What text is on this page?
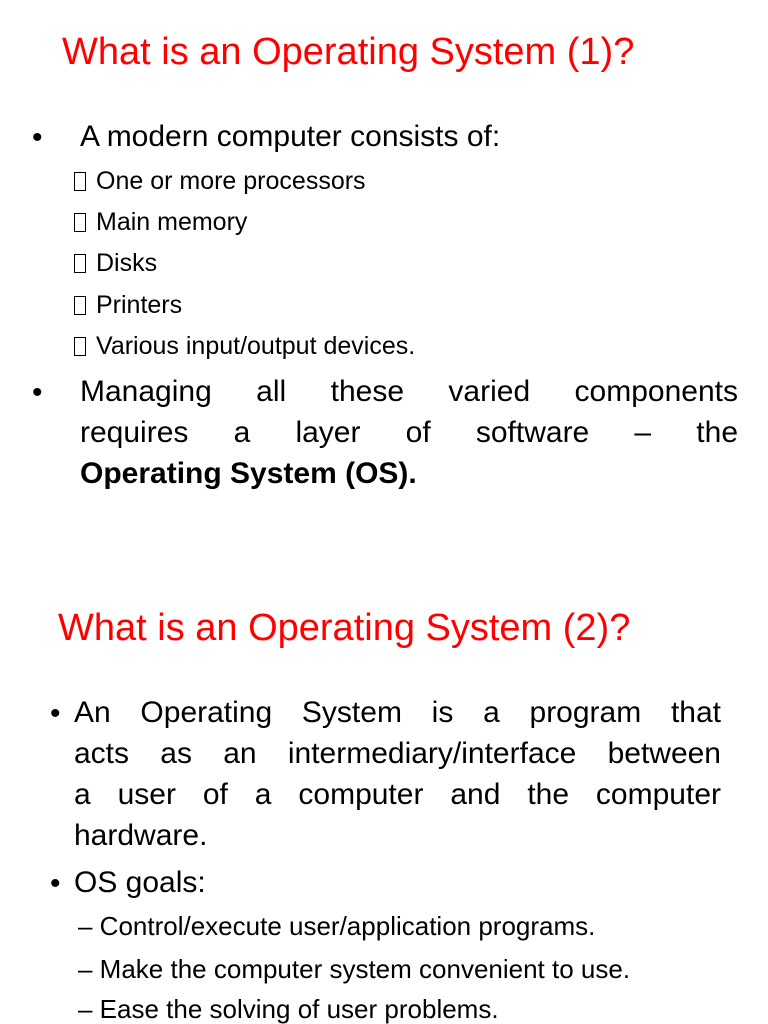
What is an Operating System (1)?
• A modern computer consists of:
One or more processors
Main memory
Disks
Printers
Various input/output devices.
• Managing all these varied components
requires a layer of software – the
Operating System (OS).
What is an Operating System (2)?
• An Operating System is a program that
acts as an intermediary/interface between
a user of a computer and the computer
hardware.
• OS goals:
– Control/execute user/application programs.
– Make the computer system convenient to use.
– Ease the solving of user problems.
